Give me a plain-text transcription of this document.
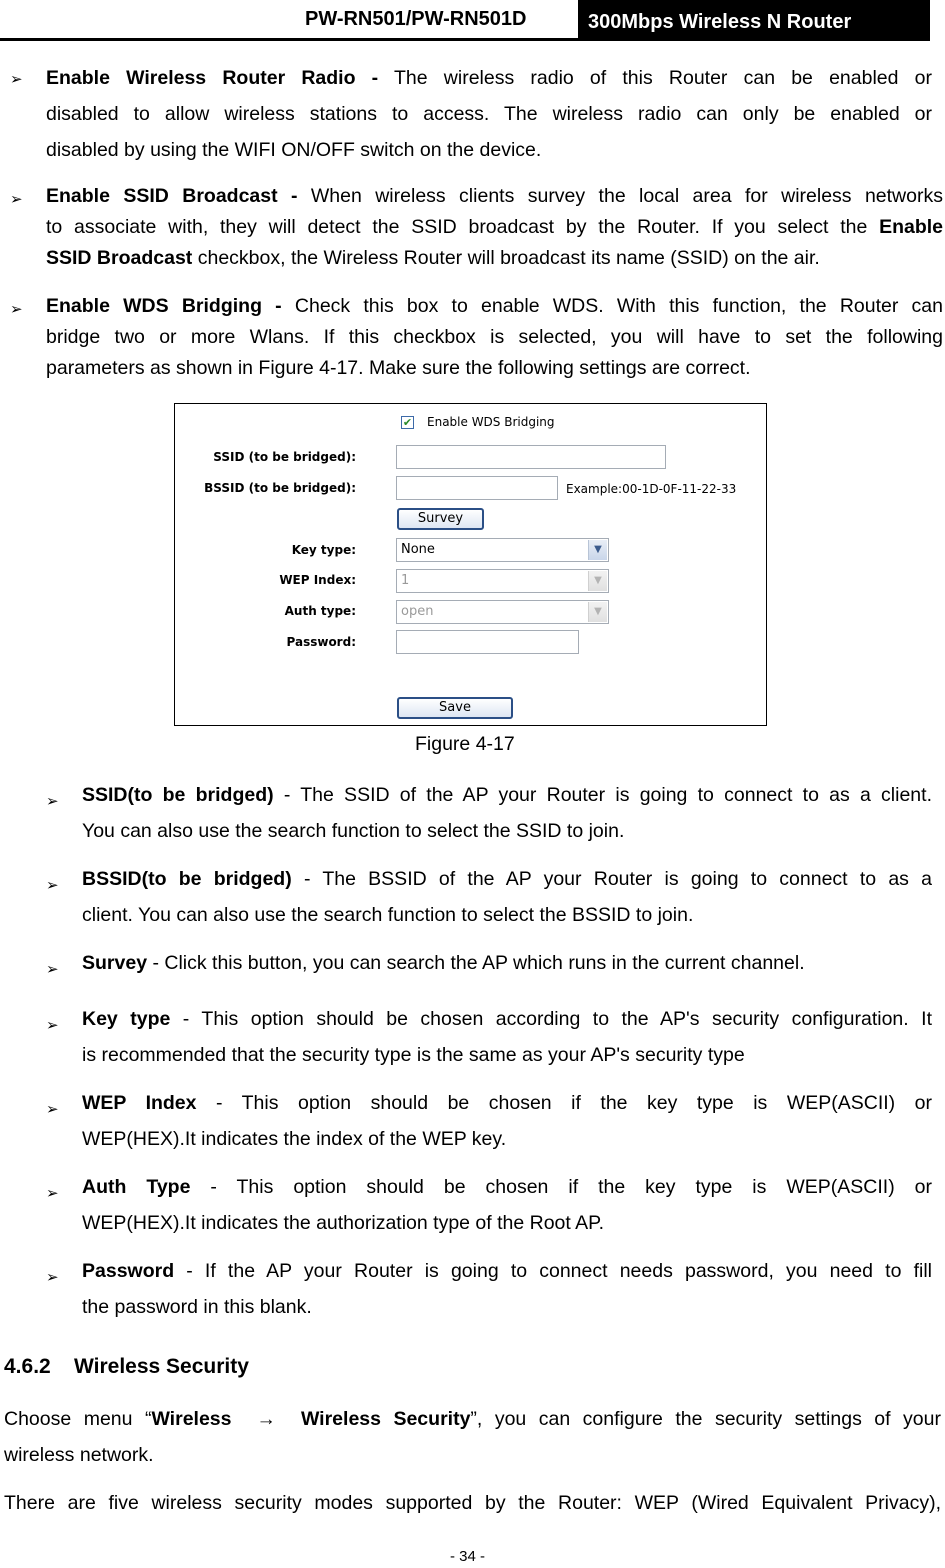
PW-RN501/PW-RN501D	300Mbps Wireless N Router
➢ Enable Wireless Router Radio - The wireless radio of this Router can be enabled or
disabled to allow wireless stations to access. The wireless radio can only be enabled or
disabled by using the WIFI ON/OFF switch on the device.
➢ Enable SSID Broadcast - When wireless clients survey the local area for wireless networks
to associate with, they will detect the SSID broadcast by the Router. If you select the Enable
SSID Broadcast checkbox, the Wireless Router will broadcast its name (SSID) on the air.
➢ Enable WDS Bridging - Check this box to enable WDS. With this function, the Router can
bridge two or more Wlans. If this checkbox is selected, you will have to set the following
parameters as shown in Figure 4-17. Make sure the following settings are correct.
✔ Enable WDS Bridging
SSID (to be bridged):
BSSID (to be bridged):	Example:00-1D-0F-11-22-33
Survey
Key type:	None	▼
WEP Index:	1	▼
Auth type:	open	▼
Password:
Save
Figure 4-17
➢ SSID(to be bridged) - The SSID of the AP your Router is going to connect to as a client.
You can also use the search function to select the SSID to join.
➢ BSSID(to be bridged) - The BSSID of the AP your Router is going to connect to as a
client. You can also use the search function to select the BSSID to join.
➢ Survey - Click this button, you can search the AP which runs in the current channel.
➢ Key type - This option should be chosen according to the AP's security configuration. It
is recommended that the security type is the same as your AP's security type
➢ WEP Index - This option should be chosen if the key type is WEP(ASCII) or
WEP(HEX).It indicates the index of the WEP key.
➢ Auth Type - This option should be chosen if the key type is WEP(ASCII) or
WEP(HEX).It indicates the authorization type of the Root AP.
➢ Password - If the AP your Router is going to connect needs password, you need to fill
the password in this blank.
4.6.2 Wireless Security
Choose menu “Wireless → Wireless Security”, you can configure the security settings of your
wireless network.
There are five wireless security modes supported by the Router: WEP (Wired Equivalent Privacy),
- 34 -
